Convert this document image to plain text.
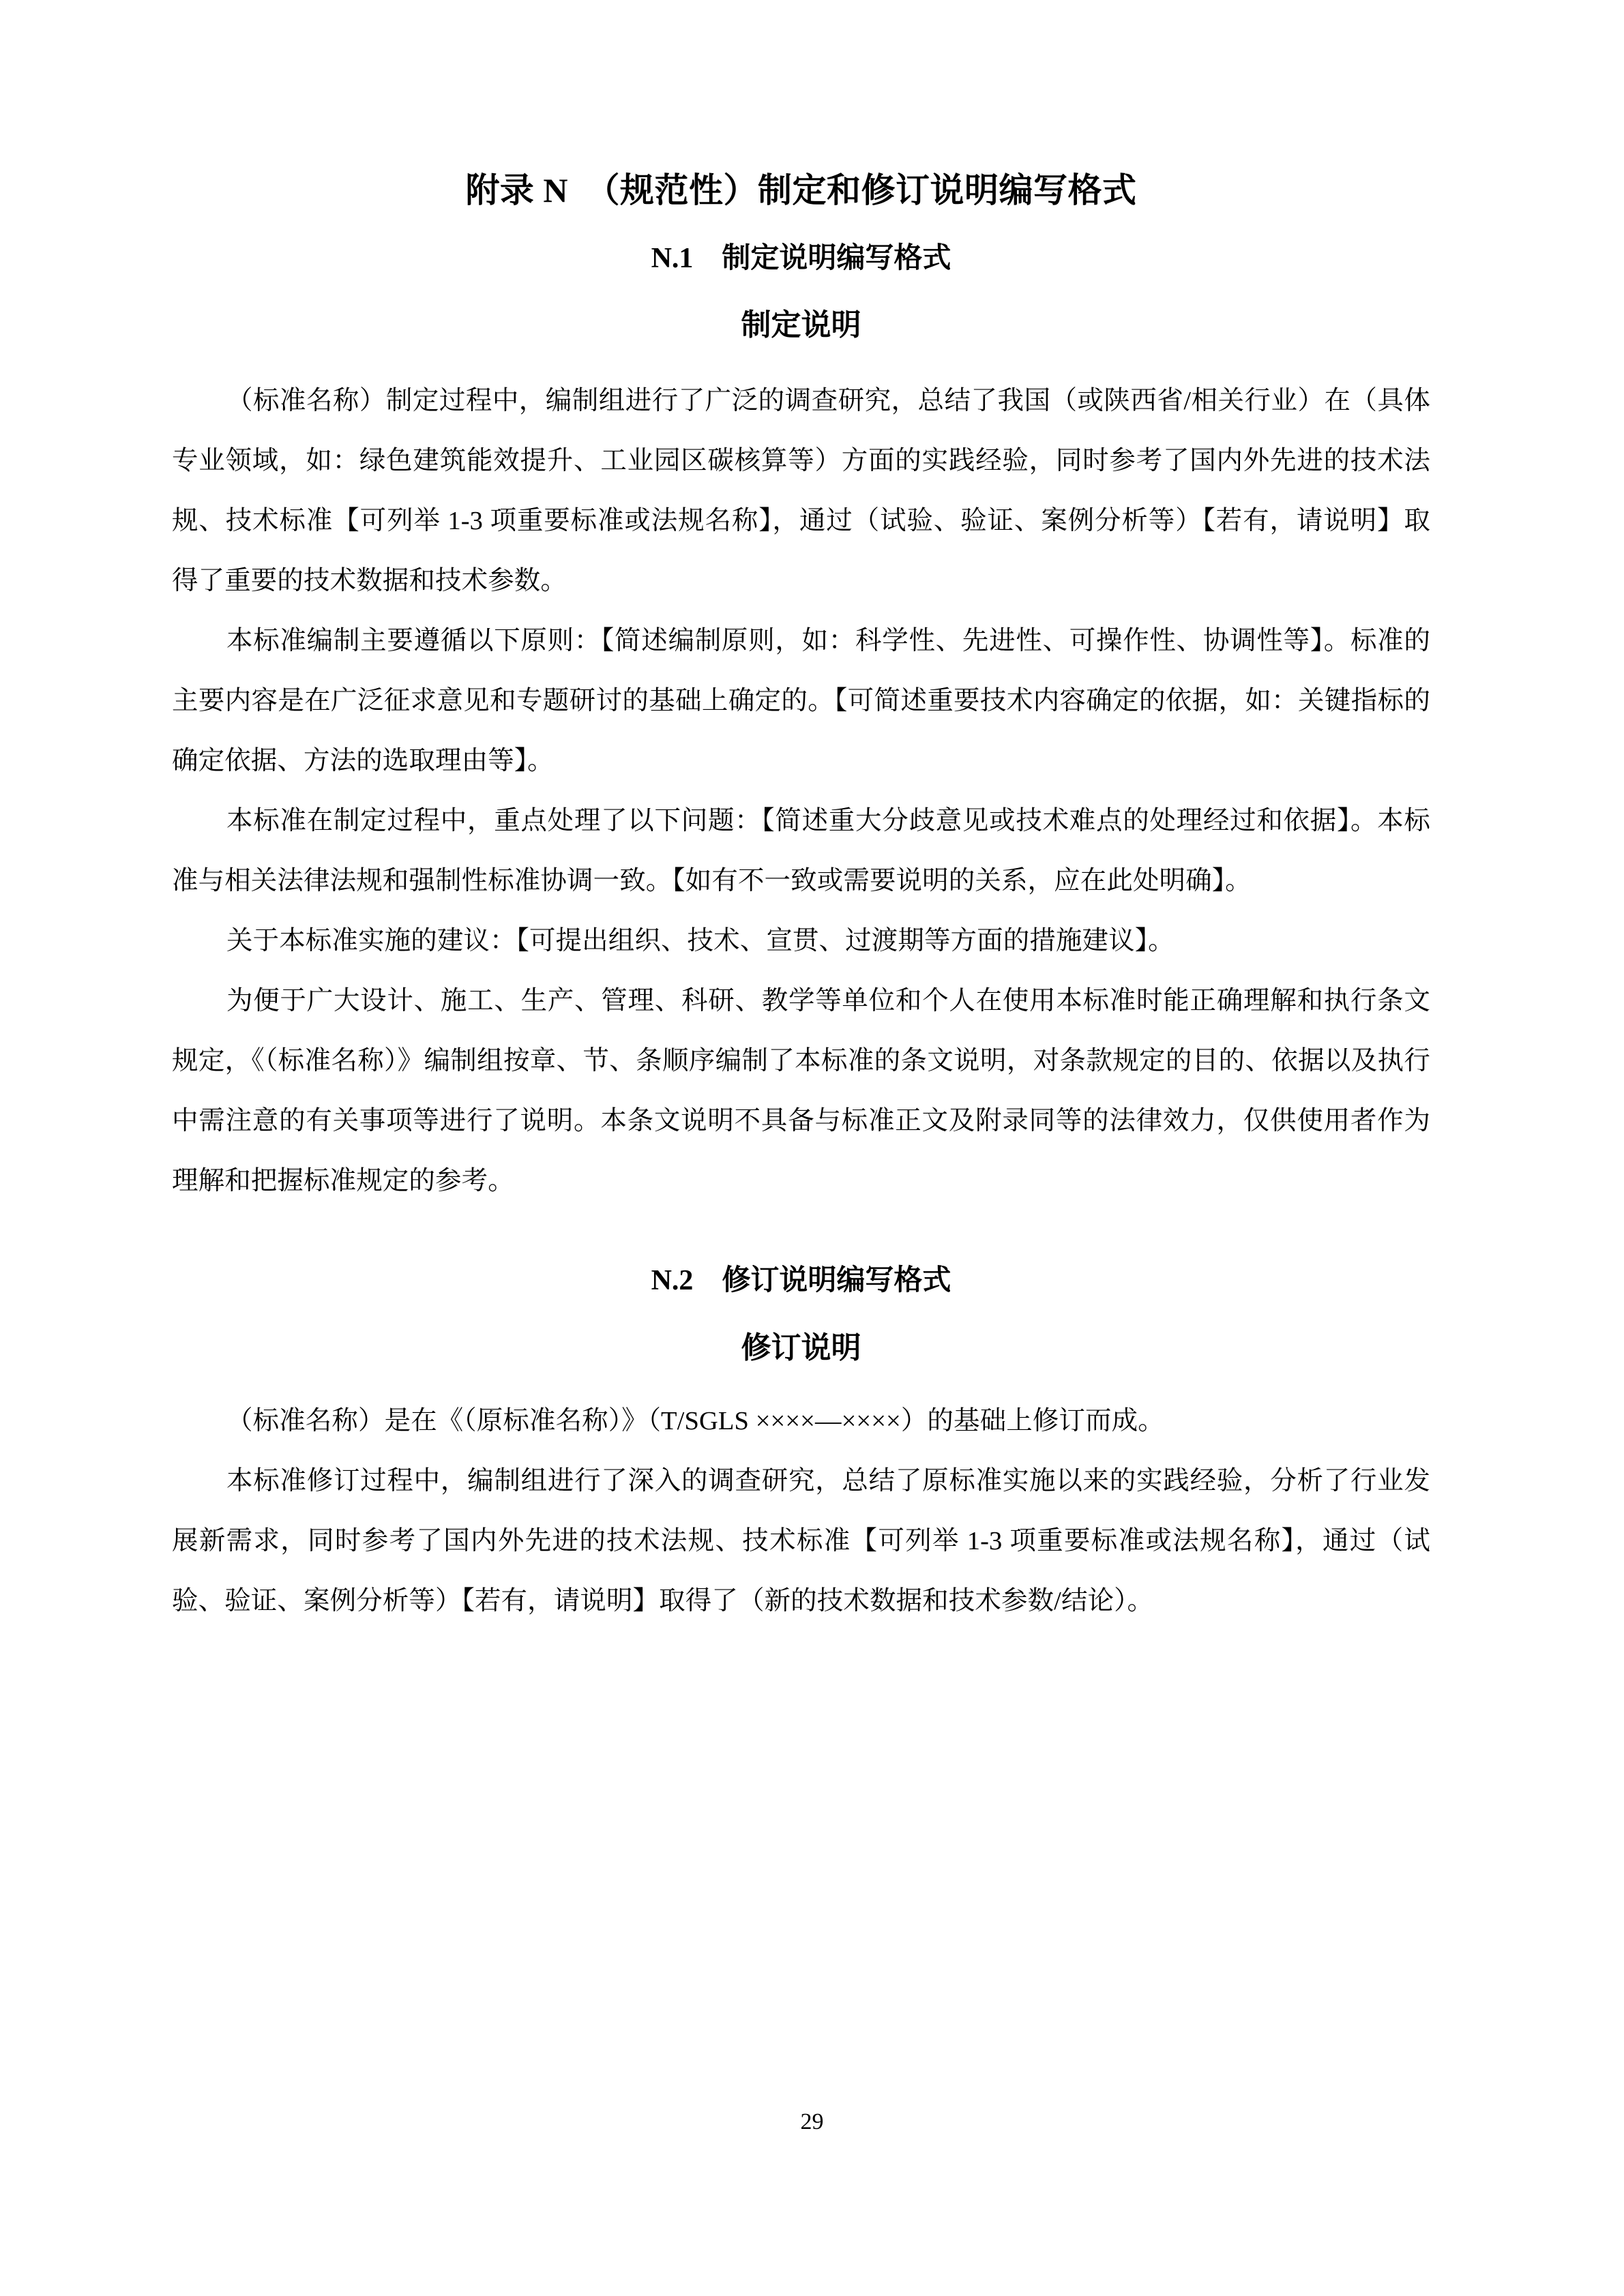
附录 N　（规范性）制定和修订说明编写格式
N.1　制定说明编写格式
制定说明

（标准名称）制定过程中，编制组进行了广泛的调查研究，总结了我国（或陕西省/相关行业）在（具体专业领域，如：绿色建筑能效提升、工业园区碳核算等）方面的实践经验，同时参考了国内外先进的技术法规、技术标准【可列举 1-3 项重要标准或法规名称】，通过（试验、验证、案例分析等）【若有，请说明】取得了重要的技术数据和技术参数。

本标准编制主要遵循以下原则：【简述编制原则，如：科学性、先进性、可操作性、协调性等】。标准的主要内容是在广泛征求意见和专题研讨的基础上确定的。【可简述重要技术内容确定的依据，如：关键指标的确定依据、方法的选取理由等】。

本标准在制定过程中，重点处理了以下问题：【简述重大分歧意见或技术难点的处理经过和依据】。本标准与相关法律法规和强制性标准协调一致。【如有不一致或需要说明的关系，应在此处明确】。

关于本标准实施的建议：【可提出组织、技术、宣贯、过渡期等方面的措施建议】。

为便于广大设计、施工、生产、管理、科研、教学等单位和个人在使用本标准时能正确理解和执行条文规定，《（标准名称）》编制组按章、节、条顺序编制了本标准的条文说明，对条款规定的目的、依据以及执行中需注意的有关事项等进行了说明。本条文说明不具备与标准正文及附录同等的法律效力，仅供使用者作为理解和把握标准规定的参考。

N.2　修订说明编写格式
修订说明

（标准名称）是在《（原标准名称）》（T/SGLS ××××—××××）的基础上修订而成。

本标准修订过程中，编制组进行了深入的调查研究，总结了原标准实施以来的实践经验，分析了行业发展新需求，同时参考了国内外先进的技术法规、技术标准【可列举 1-3 项重要标准或法规名称】，通过（试验、验证、案例分析等）【若有，请说明】取得了（新的技术数据和技术参数/结论）。

29
